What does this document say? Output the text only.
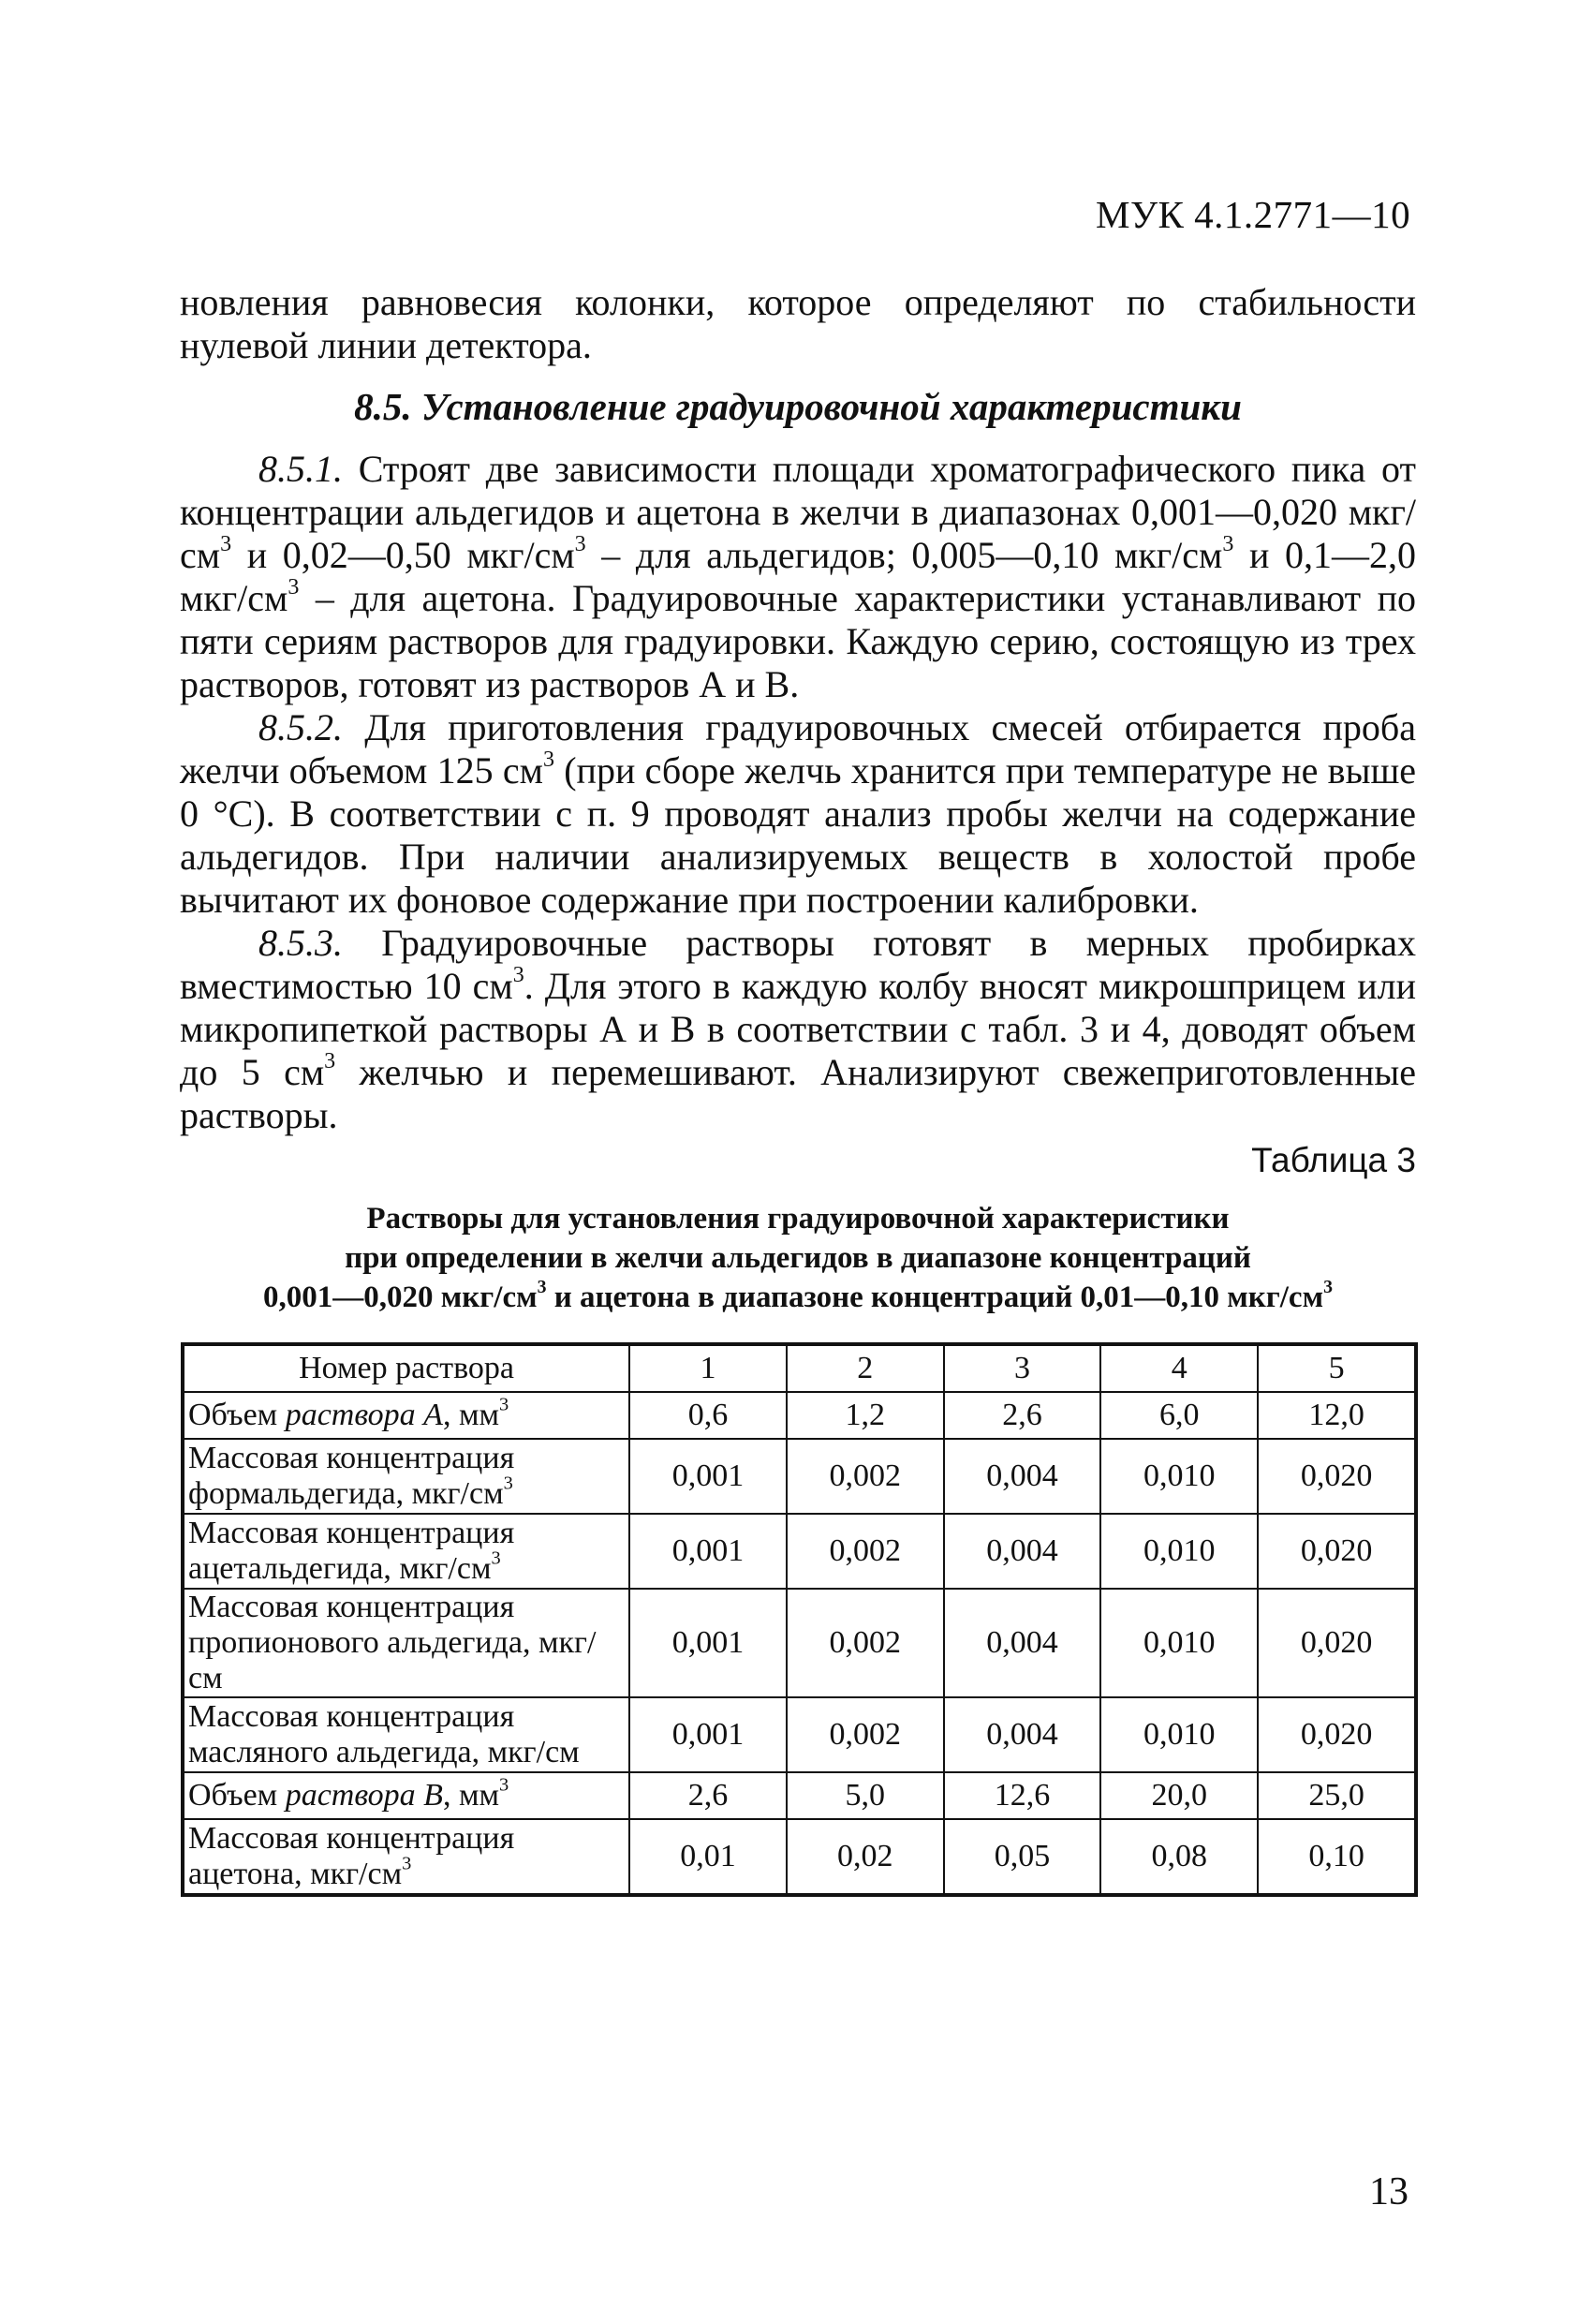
МУК 4.1.2771—10
новления равновесия колонки, которое определяют по стабильности
нулевой линии детектора.
8.5. Установление градуировочной характеристики

8.5.1. Строят две зависимости площади хроматографического пика от концентрации альдегидов и ацетона в желчи в диапазонах 0,001—0,020 мкг/$см^3$ и 0,02—0,50 мкг/$см^3$ – для альдегидов; 0,005—0,10 мкг/$см^3$ и 0,1—2,0 мкг/$см^3$ – для ацетона. Градуировочные характеристики устанавливают по пяти сериям растворов для градуировки. Каждую серию, состоящую из трех растворов, готовят из растворов А и В.

8.5.2. Для приготовления градуировочных смесей отбирается проба желчи объемом 125 $см^3$ (при сборе желчь хранится при температуре не выше 0 °С). В соответствии с п. 9 проводят анализ пробы желчи на содержание альдегидов. При наличии анализируемых веществ в холостой пробе вычитают их фоновое содержание при построении калибровки.

8.5.3. Градуировочные растворы готовят в мерных пробирках вместимостью 10 $см^3$. Для этого в каждую колбу вносят микрошприцем или микропипеткой растворы А и В в соответствии с табл. 3 и 4, доводят объем до 5 $см^3$ желчью и перемешивают. Анализируют свежеприготовленные растворы.

Таблица 3
Растворы для установления градуировочной характеристики
при определении в желчи альдегидов в диапазоне концентраций
0,001—0,020 мкг/$см^3$ и ацетона в диапазоне концентраций 0,01—0,10 мкг/$см^3$
Номер раствора	1	2	3	4	5
Объем раствора А, $мм^3$	0,6	1,2	2,6	6,0	12,0
Массовая концентрация формальдегида, мкг/$см^3$	0,001	0,002	0,004	0,010	0,020
Массовая концентрация ацетальдегида, мкг/$см^3$	0,001	0,002	0,004	0,010	0,020
Массовая концентрация пропионового альдегида, мкг/см	0,001	0,002	0,004	0,010	0,020
Массовая концентрация масляного альдегида, мкг/см	0,001	0,002	0,004	0,010	0,020
Объем раствора В, $мм^3$	2,6	5,0	12,6	20,0	25,0
Массовая концентрация ацетона, мкг/$см^3$	0,01	0,02	0,05	0,08	0,10
13
